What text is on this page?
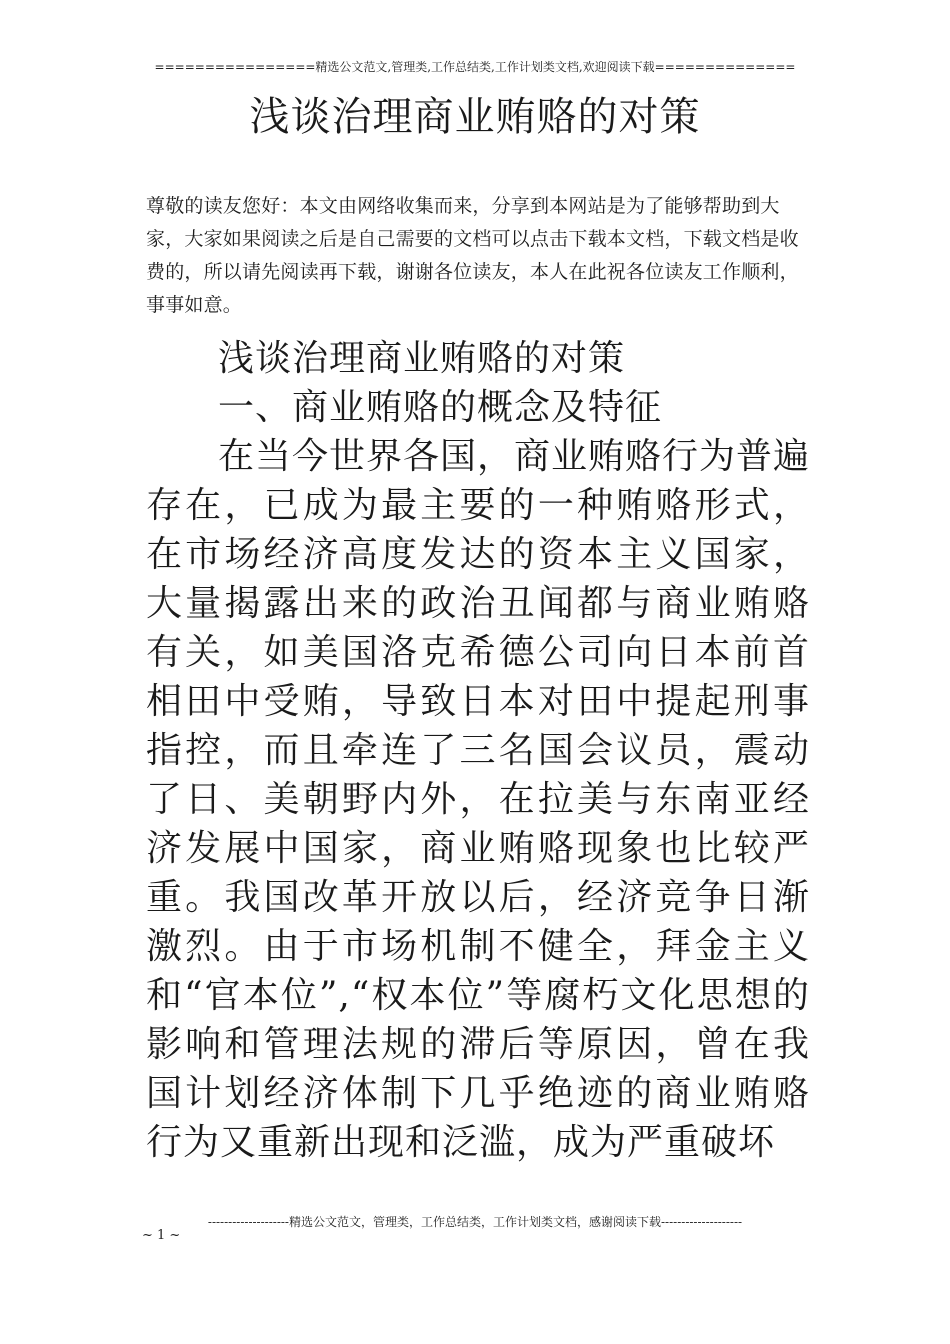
================精选公文范文,管理类,工作总结类,工作计划类文档,欢迎阅读下载==============
浅谈治理商业贿赂的对策

尊敬的读友您好：本文由网络收集而来，分享到本网站是为了能够帮助到大家，大家如果阅读之后是自己需要的文档可以点击下载本文档，下载文档是收费的，所以请先阅读再下载，谢谢各位读友，本人在此祝各位读友工作顺利，事事如意。

浅谈治理商业贿赂的对策

一、商业贿赂的概念及特征

在当今世界各国，商业贿赂行为普遍存在，已成为最主要的一种贿赂形式，在市场经济高度发达的资本主义国家，大量揭露出来的政治丑闻都与商业贿赂有关，如美国洛克希德公司向日本前首相田中受贿，导致日本对田中提起刑事指控，而且牵连了三名国会议员，震动了日、美朝野内外，在拉美与东南亚经济发展中国家，商业贿赂现象也比较严重。我国改革开放以后，经济竞争日渐激烈。由于市场机制不健全，拜金主义和“官本位”,“权本位”等腐朽文化思想的影响和管理法规的滞后等原因，曾在我国计划经济体制下几乎绝迹的商业贿赂行为又重新出现和泛滥，成为严重破坏

--------------------精选公文范文，管理类，工作总结类，工作计划类文档，感谢阅读下载--------------------
~ 1 ~
